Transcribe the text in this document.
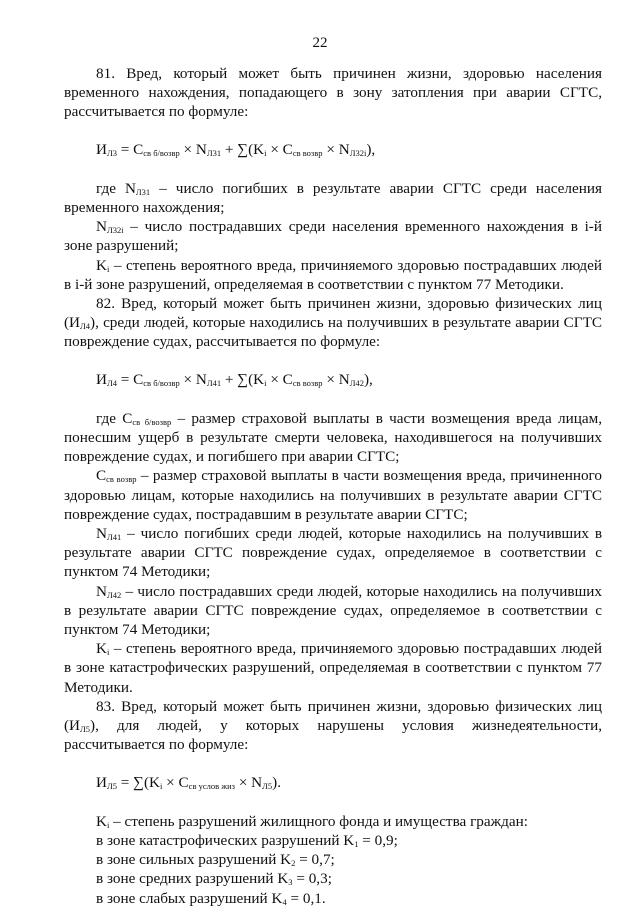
22

81. Вред, который может быть причинен жизни, здоровью населения временного нахождения, попадающего в зону затопления при аварии СГТС, рассчитывается по формуле:

$И_{Л3} = С_{св б/возвр} \times N_{Л31} + \sum(K_i \times С_{св возвр} \times N_{Л32i})$,

где $N_{Л31}$ – число погибших в результате аварии СГТС среди населения временного нахождения;

$N_{Л32i}$ – число пострадавших среди населения временного нахождения в i-й зоне разрушений;

$K_i$ – степень вероятного вреда, причиняемого здоровью пострадавших людей в i-й зоне разрушений, определяемая в соответствии с пунктом 77 Методики.

82. Вред, который может быть причинен жизни, здоровью физических лиц $(И_{Л4})$, среди людей, которые находились на получивших в результате аварии СГТС повреждение судах, рассчитывается по формуле:

$И_{Л4} = С_{св б/возвр} \times N_{Л41} + \sum(K_i \times С_{св возвр} \times N_{Л42})$,

где $С_{св б/возвр}$ – размер страховой выплаты в части возмещения вреда лицам, понесшим ущерб в результате смерти человека, находившегося на получивших повреждение судах, и погибшего при аварии СГТС;

$С_{св возвр}$ – размер страховой выплаты в части возмещения вреда, причиненного здоровью лицам, которые находились на получивших в результате аварии СГТС повреждение судах, пострадавшим в результате аварии СГТС;

$N_{Л41}$ – число погибших среди людей, которые находились на получивших в результате аварии СГТС повреждение судах, определяемое в соответствии с пунктом 74 Методики;

$N_{Л42}$ – число пострадавших среди людей, которые находились на получивших в результате аварии СГТС повреждение судах, определяемое в соответствии с пунктом 74 Методики;

$K_i$ – степень вероятного вреда, причиняемого здоровью пострадавших людей в зоне катастрофических разрушений, определяемая в соответствии с пунктом 77 Методики.

83. Вред, который может быть причинен жизни, здоровью физических лиц $(И_{Л5})$, для людей, у которых нарушены условия жизнедеятельности, рассчитывается по формуле:

$И_{Л5} = \sum(K_i \times С_{св услов жиз} \times N_{Л5})$.

$K_i$ – степень разрушений жилищного фонда и имущества граждан:

в зоне катастрофических разрушений $K_1 = 0,9$;
в зоне сильных разрушений $K_2 = 0,7$;
в зоне средних разрушений $K_3 = 0,3$;
в зоне слабых разрушений $K_4 = 0,1$.
